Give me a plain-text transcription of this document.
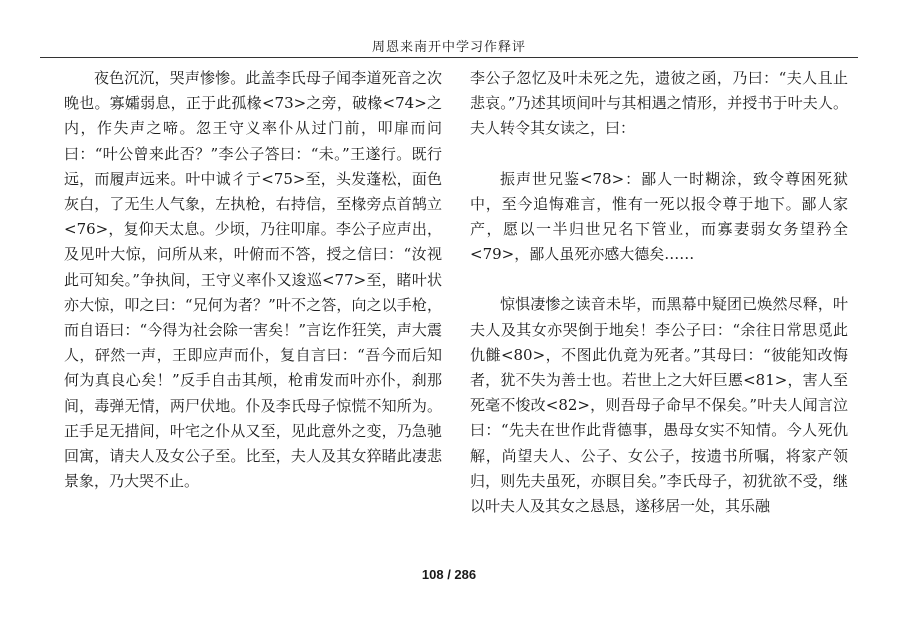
周恩来南开中学习作释评

夜色沉沉，哭声惨惨。此盖李氏母子闻李道死音之次晚也。寡孀弱息，正于此孤椽<73>之旁，破椽<74>之内，作失声之啼。忽王守义率仆从过门前，叩扉而问曰：“叶公曾来此否？”李公子答曰：“未。”王遂行。既行远，而履声远来。叶中诚彳亍<75>至，头发蓬松，面色灰白，了无生人气象，左执枪，右持信，至椽旁点首鹄立<76>，复仰天太息。少顷，乃往叩扉。李公子应声出，及见叶大惊，问所从来，叶俯而不答，授之信曰：“汝视此可知矣。”争执间，王守义率仆又逡巡<77>至，睹叶状亦大惊，叩之曰：“兄何为者？”叶不之答，向之以手枪，而自语曰：“今得为社会除一害矣！”言讫作狂笑，声大震人，砰然一声，王即应声而仆，复自言曰：“吾今而后知何为真良心矣！”反手自击其颅，枪甫发而叶亦仆，刹那间，毒弹无情，两尸伏地。仆及李氏母子惊慌不知所为。正手足无措间，叶宅之仆从又至，见此意外之变，乃急驰回寓，请夫人及女公子至。比至，夫人及其女猝睹此凄悲景象，乃大哭不止。

李公子忽忆及叶未死之先，遗彼之函，乃曰：“夫人且止悲哀。”乃述其顷间叶与其相遇之情形，并授书于叶夫人。夫人转令其女读之，曰：

振声世兄鉴<78>：鄙人一时糊涂，致令尊困死狱中，至今追悔难言，惟有一死以报令尊于地下。鄙人家产，愿以一半归世兄名下管业，而寡妻弱女务望矜全<79>，鄙人虽死亦感大德矣……

惊惧凄惨之读音未毕，而黑幕中疑团已焕然尽释，叶夫人及其女亦哭倒于地矣！李公子曰：“余往日常思觅此仇雠<80>，不图此仇竟为死者。”其母曰：“彼能知改悔者，犹不失为善士也。若世上之大奸巨慝<81>，害人至死毫不悛改<82>，则吾母子命早不保矣。”叶夫人闻言泣曰：“先夫在世作此背德事，愚母女实不知情。今人死仇解，尚望夫人、公子、女公子，按遗书所嘱，将家产领归，则先夫虽死，亦瞑目矣。”李氏母子，初犹欲不受，继以叶夫人及其女之恳恳，遂移居一处，其乐融

108 / 286
